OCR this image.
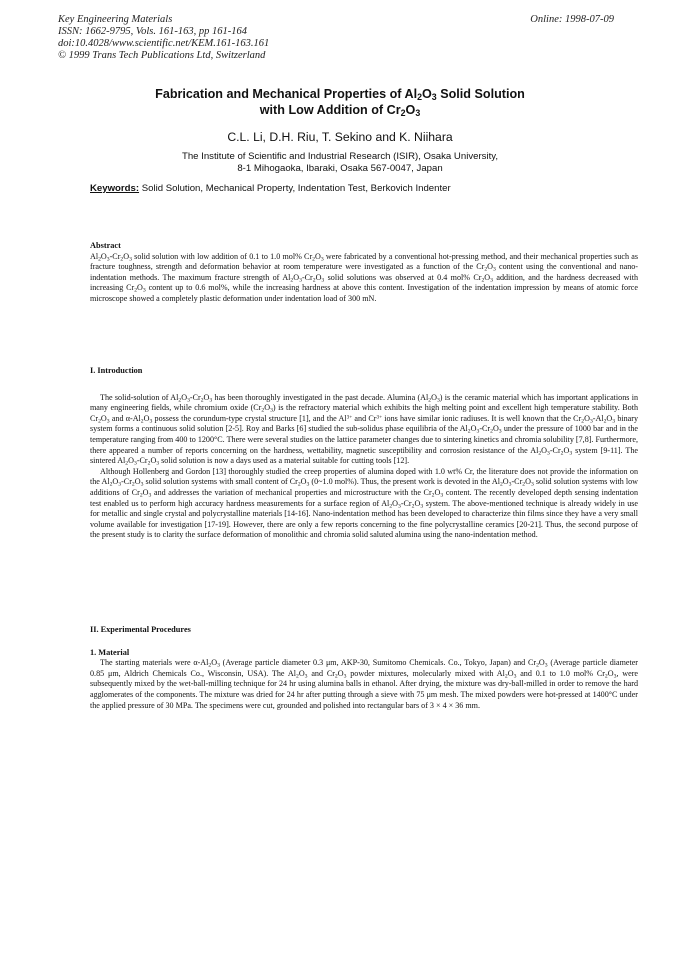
Key Engineering Materials
ISSN: 1662-9795, Vols. 161-163, pp 161-164
doi:10.4028/www.scientific.net/KEM.161-163.161
© 1999 Trans Tech Publications Ltd, Switzerland
Online: 1998-07-09
Fabrication and Mechanical Properties of $Al_2O_3$ Solid Solution
with Low Addition of $Cr_2O_3$
C.L. Li, D.H. Riu, T. Sekino and K. Niihara
The Institute of Scientific and Industrial Research (ISIR), Osaka University,
8-1 Mihogaoka, Ibaraki, Osaka 567-0047, Japan
Keywords: Solid Solution, Mechanical Property, Indentation Test, Berkovich Indenter
Abstract

$Al_2O_3-Cr_2O_3$ solid solution with low addition of 0.1 to 1.0 mol% $Cr_2O_3$ were fabricated by a conventional hot-pressing method, and their mechanical properties such as fracture toughness, strength and deformation behavior at room temperature were investigated as a function of the $Cr_2O_3$ content using the conventional and nano-indentation methods. The maximum fracture strength of $Al_2O_3-Cr_2O_3$ solid solutions was observed at 0.4 mol% $Cr_2O_3$ addition, and the hardness decreased with increasing $Cr_2O_3$ content up to 0.6 mol%, while the increasing hardness at above this content. Investigation of the indentation impression by means of atomic force microscope showed a completely plastic deformation under indentation load of 300 mN.

I. Introduction

The solid-solution of $Al_2O_3-Cr_2O_3$ has been thoroughly investigated in the past decade. Alumina $(Al_2O_3)$ is the ceramic material which has important applications in many engineering fields, while chromium oxide $(Cr_2O_3)$ is the refractory material which exhibits the high melting point and excellent high temperature stability. Both $Cr_2O_3$ and $\alpha-Al_2O_3$ possess the corundum-type crystal structure [1], and the $Al^{3+}$ and $Cr^{3+}$ ions have similar ionic radiuses. It is well known that the $Cr_2O_3-Al_2O_3$ binary system forms a continuous solid solution [2-5]. Roy and Barks [6] studied the sub-solidus phase equilibria of the $Al_2O_3-Cr_2O_3$ under the pressure of 1000 bar and in the temperature ranging from 400 to 1200°C. There were several studies on the lattice parameter changes due to sintering kinetics and chromia solubility [7,8]. Furthermore, there appeared a number of reports concerning on the hardness, wettability, magnetic susceptibility and corrosion resistance of the $Al_2O_3-Cr_2O_3$ system [9-11]. The sintered $Al_2O_3-Cr_2O_3$ solid solution is now a days used as a material suitable for cutting tools [12].

Although Hollenberg and Gordon [13] thoroughly studied the creep properties of alumina doped with 1.0 wt% Cr, the literature does not provide the information on the $Al_2O_3-Cr_2O_3$ solid solution systems with small content of $Cr_2O_3$ (0~1.0 mol%). Thus, the present work is devoted in the $Al_2O_3-Cr_2O_3$ solid solution systems with low additions of $Cr_2O_3$ and addresses the variation of mechanical properties and microstructure with the $Cr_2O_3$ content. The recently developed depth sensing indentation test enabled us to perform high accuracy hardness measurements for a surface region of $Al_2O_3-Cr_2O_3$ system. The above-mentioned technique is already widely in use for metallic and single crystal and polycrystalline materials [14-16]. Nano-indentation method has been developed to characterize thin films since they have a very small volume available for investigation [17-19]. However, there are only a few reports concerning to the fine polycrystalline ceramics [20-21]. Thus, the second purpose of the present study is to clarity the surface deformation of monolithic and chromia solid saluted alumina using the nano-indentation method.

II. Experimental Procedures
1. Material

The starting materials were $\alpha-Al_2O_3$ (Average particle diameter 0.3 μm, AKP-30, Sumitomo Chemicals. Co., Tokyo, Japan) and $Cr_2O_3$ (Average particle diameter 0.85 μm, Aldrich Chemicals Co., Wisconsin, USA). The $Al_2O_3$ and $Cr_2O_3$ powder mixtures, molecularly mixed with $Al_2O_3$ and 0.1 to 1.0 mol% $Cr_2O_3$, were subsequently mixed by the wet-ball-milling technique for 24 hr using alumina balls in ethanol. After drying, the mixture was dry-ball-milled in order to remove the hard agglomerates of the components. The mixture was dried for 24 hr after putting through a sieve with 75 μm mesh. The mixed powders were hot-pressed at 1400°C under the applied pressure of 30 MPa. The specimens were cut, grounded and polished into rectangular bars of 3 × 4 × 36 mm.
